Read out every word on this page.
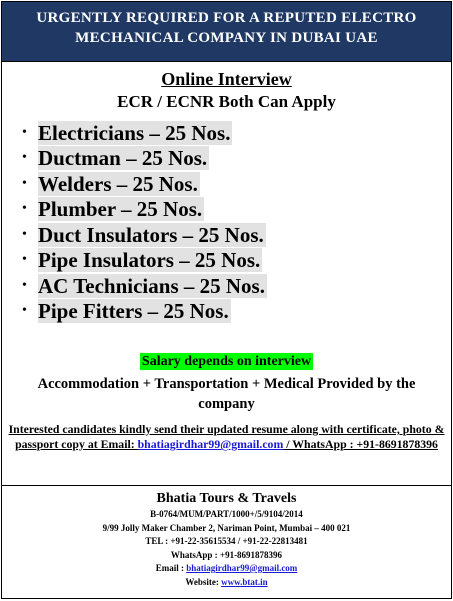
URGENTLY REQUIRED FOR A REPUTED ELECTRO
MECHANICAL COMPANY IN DUBAI UAE
Online Interview
ECR / ECNR Both Can Apply
• Electricians – 25 Nos.
• Ductman – 25 Nos.
• Welders – 25 Nos.
• Plumber – 25 Nos.
• Duct Insulators – 25 Nos.
• Pipe Insulators – 25 Nos.
• AC Technicians – 25 Nos.
• Pipe Fitters – 25 Nos.
Salary depends on interview
Accommodation + Transportation + Medical Provided by the company
Interested candidates kindly send their updated resume along with certificate, photo & passport copy at Email: bhatiagirdhar99@gmail.com / WhatsApp : +91-8691878396
Bhatia Tours & Travels
B-0764/MUM/PART/1000+/5/9104/2014
9/99 Jolly Maker Chamber 2, Nariman Point, Mumbai – 400 021
TEL : +91-22-35615534 / +91-22-22813481
WhatsApp : +91-8691878396
Email : bhatiagirdhar99@gmail.com
Website: www.btat.in
